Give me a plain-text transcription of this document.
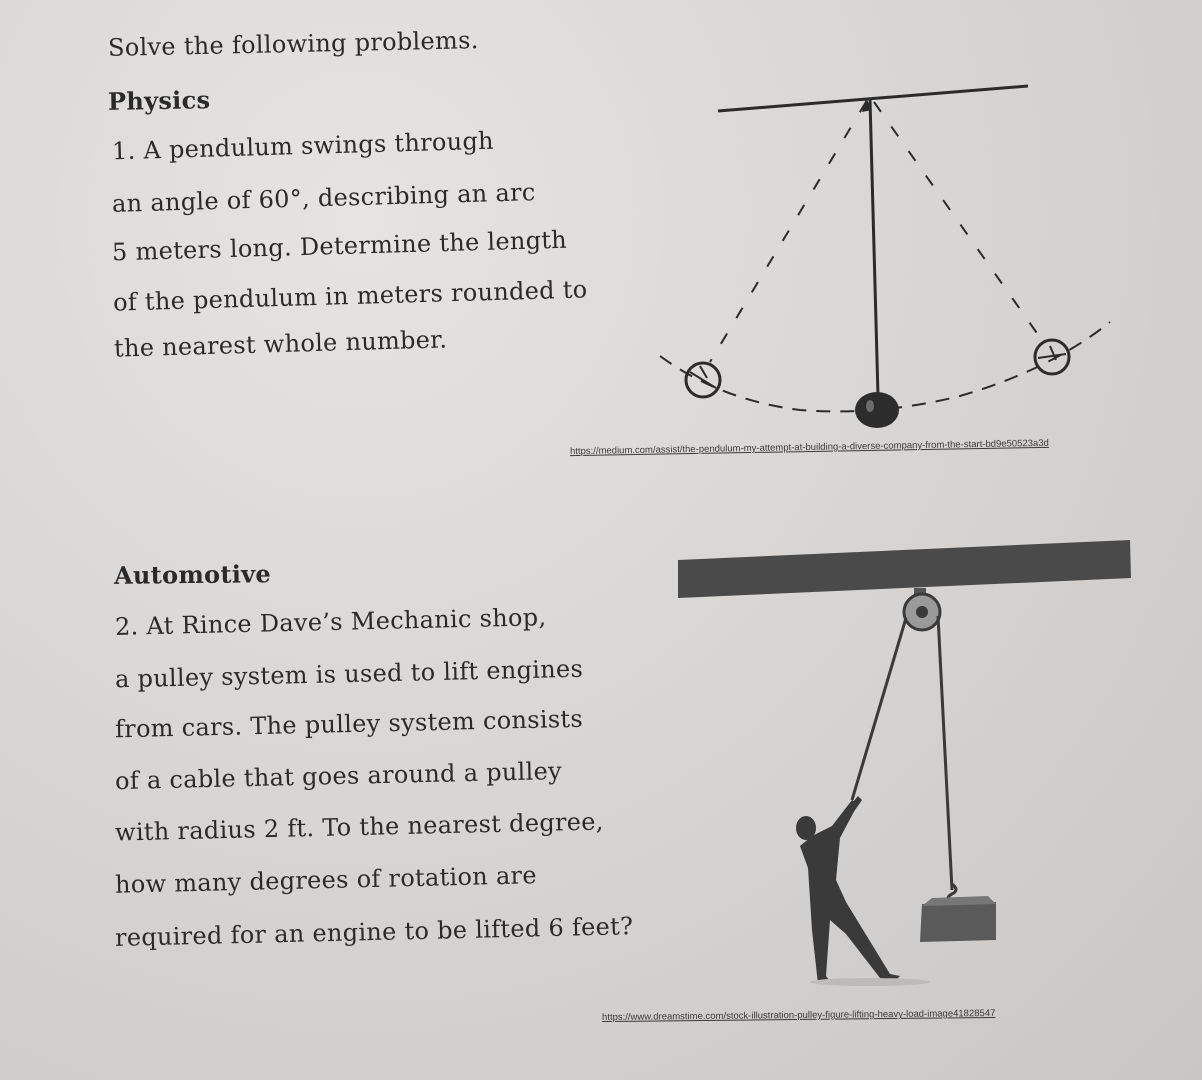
Solve the following problems.
Physics
1. A pendulum swings through
an angle of 60°, describing an arc
5 meters long. Determine the length
of the pendulum in meters rounded to
the nearest whole number.
https://medium.com/assist/the-pendulum-my-attempt-at-building-a-diverse-company-from-the-start-bd9e50523a3d
Automotive
2. At Rince Dave’s Mechanic shop,
a pulley system is used to lift engines
from cars. The pulley system consists
of a cable that goes around a pulley
with radius 2 ft. To the nearest degree,
how many degrees of rotation are
required for an engine to be lifted 6 feet?
https://www.dreamstime.com/stock-illustration-pulley-figure-lifting-heavy-load-image41828547
